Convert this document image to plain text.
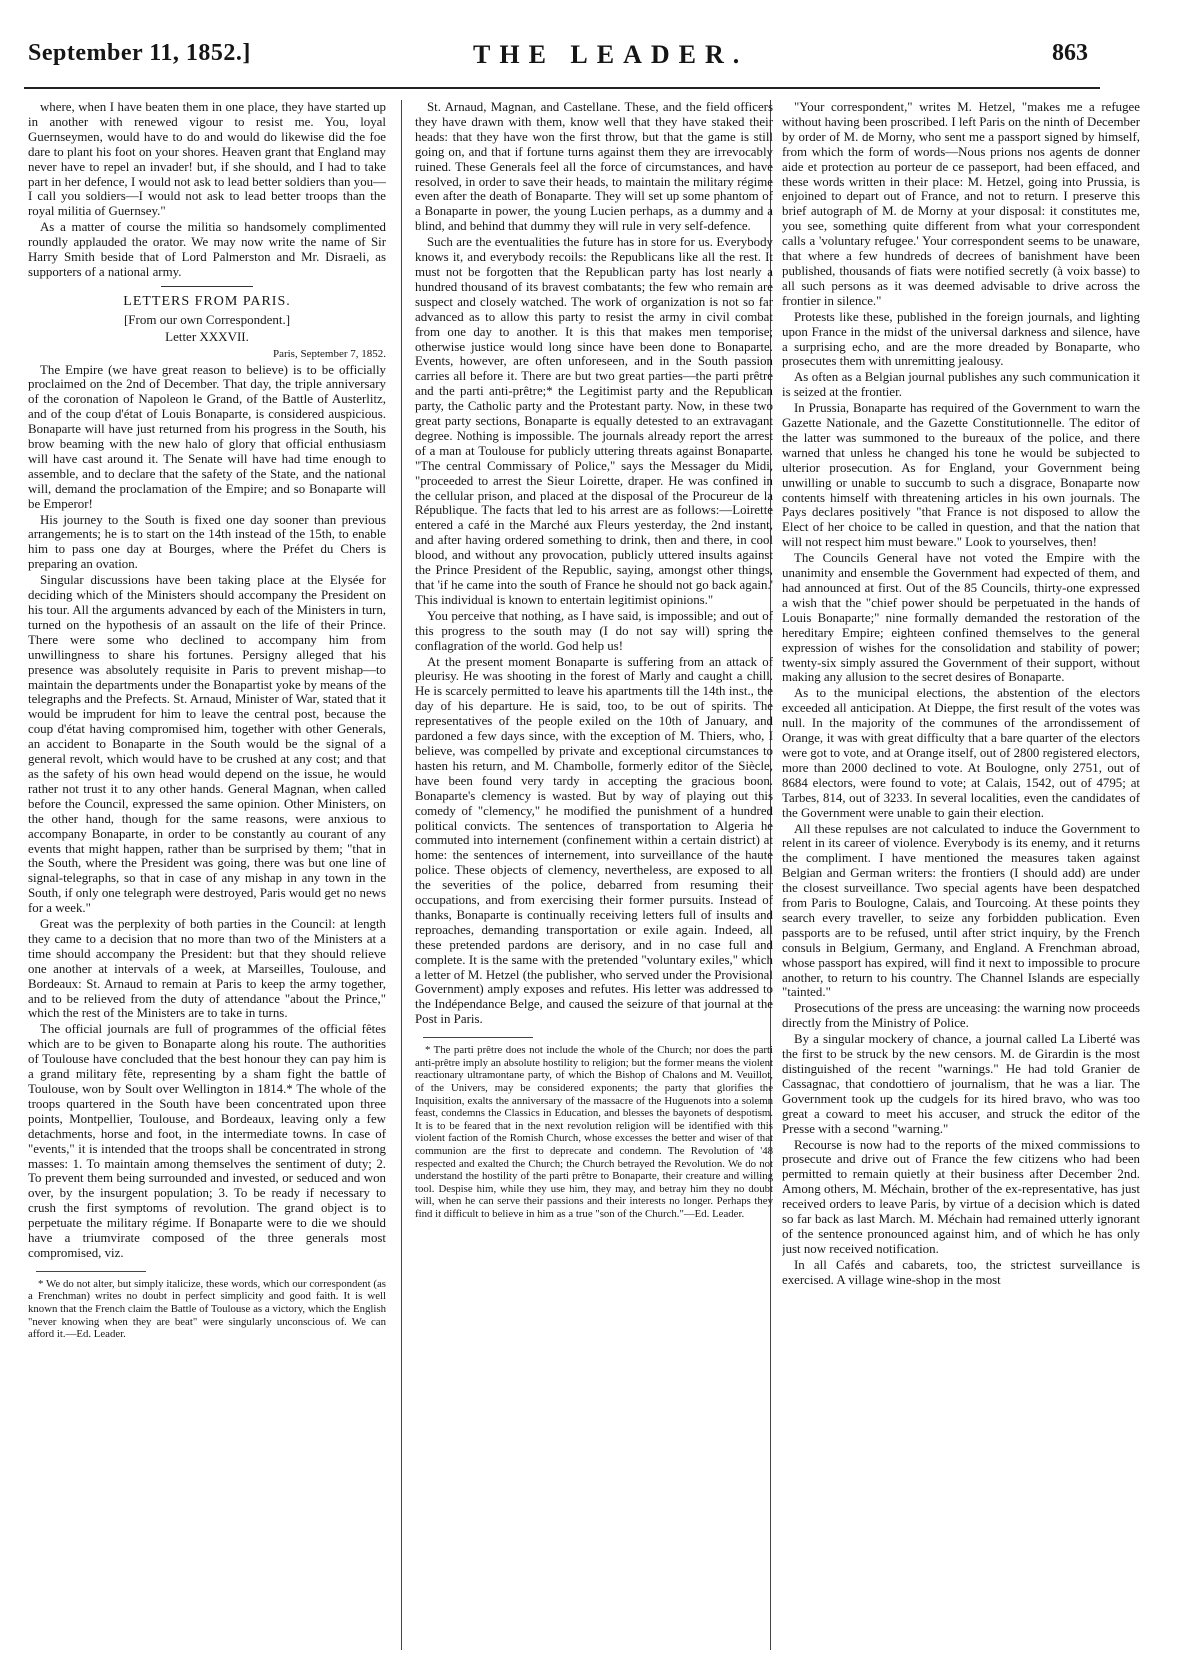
September 11, 1852.]	THE LEADER.	863

where, when I have beaten them in one place, they have started up in another with renewed vigour to resist me. You, loyal Guernseymen, would have to do and would do likewise did the foe dare to plant his foot on your shores. Heaven grant that England may never have to repel an invader! but, if she should, and I had to take part in her defence, I would not ask to lead better soldiers than you—I call you soldiers—I would not ask to lead better troops than the royal militia of Guernsey."

As a matter of course the militia so handsomely complimented roundly applauded the orator. We may now write the name of Sir Harry Smith beside that of Lord Palmerston and Mr. Disraeli, as supporters of a national army.

LETTERS FROM PARIS.

[From our own Correspondent.]

Letter XXXVII.

Paris, September 7, 1852.

The Empire (we have great reason to believe) is to be officially proclaimed on the 2nd of December. That day, the triple anniversary of the coronation of Napoleon le Grand, of the Battle of Austerlitz, and of the coup d'état of Louis Bonaparte, is considered auspicious. Bonaparte will have just returned from his progress in the South, his brow beaming with the new halo of glory that official enthusiasm will have cast around it. The Senate will have had time enough to assemble, and to declare that the safety of the State, and the national will, demand the proclamation of the Empire; and so Bonaparte will be Emperor!

His journey to the South is fixed one day sooner than previous arrangements; he is to start on the 14th instead of the 15th, to enable him to pass one day at Bourges, where the Préfet du Chers is preparing an ovation.

Singular discussions have been taking place at the Elysée for deciding which of the Ministers should accompany the President on his tour. All the arguments advanced by each of the Ministers in turn, turned on the hypothesis of an assault on the life of their Prince. There were some who declined to accompany him from unwillingness to share his fortunes. Persigny alleged that his presence was absolutely requisite in Paris to prevent mishap—to maintain the departments under the Bonapartist yoke by means of the telegraphs and the Prefects. St. Arnaud, Minister of War, stated that it would be imprudent for him to leave the central post, because the coup d'état having compromised him, together with other Generals, an accident to Bonaparte in the South would be the signal of a general revolt, which would have to be crushed at any cost; and that as the safety of his own head would depend on the issue, he would rather not trust it to any other hands. General Magnan, when called before the Council, expressed the same opinion. Other Ministers, on the other hand, though for the same reasons, were anxious to accompany Bonaparte, in order to be constantly au courant of any events that might happen, rather than be surprised by them; "that in the South, where the President was going, there was but one line of signal-telegraphs, so that in case of any mishap in any town in the South, if only one telegraph were destroyed, Paris would get no news for a week."

Great was the perplexity of both parties in the Council: at length they came to a decision that no more than two of the Ministers at a time should accompany the President: but that they should relieve one another at intervals of a week, at Marseilles, Toulouse, and Bordeaux: St. Arnaud to remain at Paris to keep the army together, and to be relieved from the duty of attendance "about the Prince," which the rest of the Ministers are to take in turns.

The official journals are full of programmes of the official fêtes which are to be given to Bonaparte along his route. The authorities of Toulouse have concluded that the best honour they can pay him is a grand military fête, representing by a sham fight the battle of Toulouse, won by Soult over Wellington in 1814.* The whole of the troops quartered in the South have been concentrated upon three points, Montpellier, Toulouse, and Bordeaux, leaving only a few detachments, horse and foot, in the intermediate towns. In case of "events," it is intended that the troops shall be concentrated in strong masses: 1. To maintain among themselves the sentiment of duty; 2. To prevent them being surrounded and invested, or seduced and won over, by the insurgent population; 3. To be ready if necessary to crush the first symptoms of revolution. The grand object is to perpetuate the military régime. If Bonaparte were to die we should have a triumvirate composed of the three generals most compromised, viz.

* We do not alter, but simply italicize, these words, which our correspondent (as a Frenchman) writes no doubt in perfect simplicity and good faith. It is well known that the French claim the Battle of Toulouse as a victory, which the English "never knowing when they are beat" were singularly unconscious of. We can afford it.—Ed. Leader.

St. Arnaud, Magnan, and Castellane. These, and the field officers they have drawn with them, know well that they have staked their heads: that they have won the first throw, but that the game is still going on, and that if fortune turns against them they are irrevocably ruined. These Generals feel all the force of circumstances, and have resolved, in order to save their heads, to maintain the military régime even after the death of Bonaparte. They will set up some phantom of a Bonaparte in power, the young Lucien perhaps, as a dummy and a blind, and behind that dummy they will rule in very self-defence.

Such are the eventualities the future has in store for us. Everybody knows it, and everybody recoils: the Republicans like all the rest. It must not be forgotten that the Republican party has lost nearly a hundred thousand of its bravest combatants; the few who remain are suspect and closely watched. The work of organization is not so far advanced as to allow this party to resist the army in civil combat from one day to another. It is this that makes men temporise; otherwise justice would long since have been done to Bonaparte. Events, however, are often unforeseen, and in the South passion carries all before it. There are but two great parties—the parti prêtre and the parti anti-prêtre;* the Legitimist party and the Republican party, the Catholic party and the Protestant party. Now, in these two great party sections, Bonaparte is equally detested to an extravagant degree. Nothing is impossible. The journals already report the arrest of a man at Toulouse for publicly uttering threats against Bonaparte. "The central Commissary of Police," says the Messager du Midi, "proceeded to arrest the Sieur Loirette, draper. He was confined in the cellular prison, and placed at the disposal of the Procureur de la République. The facts that led to his arrest are as follows:—Loirette entered a café in the Marché aux Fleurs yesterday, the 2nd instant, and after having ordered something to drink, then and there, in cool blood, and without any provocation, publicly uttered insults against the Prince President of the Republic, saying, amongst other things, that 'if he came into the south of France he should not go back again.' This individual is known to entertain legitimist opinions."

You perceive that nothing, as I have said, is impossible; and out of this progress to the south may (I do not say will) spring the conflagration of the world. God help us!

At the present moment Bonaparte is suffering from an attack of pleurisy. He was shooting in the forest of Marly and caught a chill. He is scarcely permitted to leave his apartments till the 14th inst., the day of his departure. He is said, too, to be out of spirits. The representatives of the people exiled on the 10th of January, and pardoned a few days since, with the exception of M. Thiers, who, I believe, was compelled by private and exceptional circumstances to hasten his return, and M. Chambolle, formerly editor of the Siècle, have been found very tardy in accepting the gracious boon. Bonaparte's clemency is wasted. But by way of playing out this comedy of "clemency," he modified the punishment of a hundred political convicts. The sentences of transportation to Algeria he commuted into internement (confinement within a certain district) at home: the sentences of internement, into surveillance of the haute police. These objects of clemency, nevertheless, are exposed to all the severities of the police, debarred from resuming their occupations, and from exercising their former pursuits. Instead of thanks, Bonaparte is continually receiving letters full of insults and reproaches, demanding transportation or exile again. Indeed, all these pretended pardons are derisory, and in no case full and complete. It is the same with the pretended "voluntary exiles," which a letter of M. Hetzel (the publisher, who served under the Provisional Government) amply exposes and refutes. His letter was addressed to the Indépendance Belge, and caused the seizure of that journal at the Post in Paris.

* The parti prêtre does not include the whole of the Church; nor does the parti anti-prêtre imply an absolute hostility to religion; but the former means the violent reactionary ultramontane party, of which the Bishop of Chalons and M. Veuillot, of the Univers, may be considered exponents; the party that glorifies the Inquisition, exalts the anniversary of the massacre of the Huguenots into a solemn feast, condemns the Classics in Education, and blesses the bayonets of despotism. It is to be feared that in the next revolution religion will be identified with this violent faction of the Romish Church, whose excesses the better and wiser of that communion are the first to deprecate and condemn. The Revolution of '48 respected and exalted the Church; the Church betrayed the Revolution. We do not understand the hostility of the parti prêtre to Bonaparte, their creature and willing tool. Despise him, while they use him, they may, and betray him they no doubt will, when he can serve their passions and their interests no longer. Perhaps they find it difficult to believe in him as a true "son of the Church."—Ed. Leader.

"Your correspondent," writes M. Hetzel, "makes me a refugee without having been proscribed. I left Paris on the ninth of December by order of M. de Morny, who sent me a passport signed by himself, from which the form of words—Nous prions nos agents de donner aide et protection au porteur de ce passeport, had been effaced, and these words written in their place: M. Hetzel, going into Prussia, is enjoined to depart out of France, and not to return. I preserve this brief autograph of M. de Morny at your disposal: it constitutes me, you see, something quite different from what your correspondent calls a 'voluntary refugee.' Your correspondent seems to be unaware, that where a few hundreds of decrees of banishment have been published, thousands of fiats were notified secretly (à voix basse) to all such persons as it was deemed advisable to drive across the frontier in silence."

Protests like these, published in the foreign journals, and lighting upon France in the midst of the universal darkness and silence, have a surprising echo, and are the more dreaded by Bonaparte, who prosecutes them with unremitting jealousy.

As often as a Belgian journal publishes any such communication it is seized at the frontier.

In Prussia, Bonaparte has required of the Government to warn the Gazette Nationale, and the Gazette Constitutionnelle. The editor of the latter was summoned to the bureaux of the police, and there warned that unless he changed his tone he would be subjected to ulterior prosecution. As for England, your Government being unwilling or unable to succumb to such a disgrace, Bonaparte now contents himself with threatening articles in his own journals. The Pays declares positively "that France is not disposed to allow the Elect of her choice to be called in question, and that the nation that will not respect him must beware." Look to yourselves, then!

The Councils General have not voted the Empire with the unanimity and ensemble the Government had expected of them, and had announced at first. Out of the 85 Councils, thirty-one expressed a wish that the "chief power should be perpetuated in the hands of Louis Bonaparte;" nine formally demanded the restoration of the hereditary Empire; eighteen confined themselves to the general expression of wishes for the consolidation and stability of power; twenty-six simply assured the Government of their support, without making any allusion to the secret desires of Bonaparte.

As to the municipal elections, the abstention of the electors exceeded all anticipation. At Dieppe, the first result of the votes was null. In the majority of the communes of the arrondissement of Orange, it was with great difficulty that a bare quarter of the electors were got to vote, and at Orange itself, out of 2800 registered electors, more than 2000 declined to vote. At Boulogne, only 2751, out of 8684 electors, were found to vote; at Calais, 1542, out of 4795; at Tarbes, 814, out of 3233. In several localities, even the candidates of the Government were unable to gain their election.

All these repulses are not calculated to induce the Government to relent in its career of violence. Everybody is its enemy, and it returns the compliment. I have mentioned the measures taken against Belgian and German writers: the frontiers (I should add) are under the closest surveillance. Two special agents have been despatched from Paris to Boulogne, Calais, and Tourcoing. At these points they search every traveller, to seize any forbidden publication. Even passports are to be refused, until after strict inquiry, by the French consuls in Belgium, Germany, and England. A Frenchman abroad, whose passport has expired, will find it next to impossible to procure another, to return to his country. The Channel Islands are especially "tainted."

Prosecutions of the press are unceasing: the warning now proceeds directly from the Ministry of Police.

By a singular mockery of chance, a journal called La Liberté was the first to be struck by the new censors. M. de Girardin is the most distinguished of the recent "warnings." He had told Granier de Cassagnac, that condottiero of journalism, that he was a liar. The Government took up the cudgels for its hired bravo, who was too great a coward to meet his accuser, and struck the editor of the Presse with a second "warning."

Recourse is now had to the reports of the mixed commissions to prosecute and drive out of France the few citizens who had been permitted to remain quietly at their business after December 2nd. Among others, M. Méchain, brother of the ex-representative, has just received orders to leave Paris, by virtue of a decision which is dated so far back as last March. M. Méchain had remained utterly ignorant of the sentence pronounced against him, and of which he has only just now received notification.

In all Cafés and cabarets, too, the strictest surveillance is exercised. A village wine-shop in the most
